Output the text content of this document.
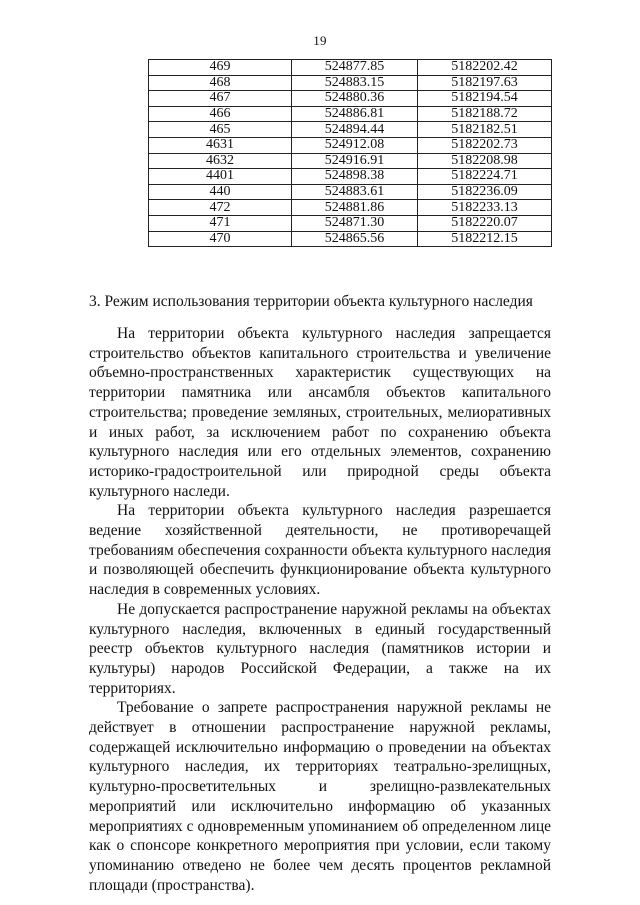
19
469	524877.85	5182202.42
468	524883.15	5182197.63
467	524880.36	5182194.54
466	524886.81	5182188.72
465	524894.44	5182182.51
4631	524912.08	5182202.73
4632	524916.91	5182208.98
4401	524898.38	5182224.71
440	524883.61	5182236.09
472	524881.86	5182233.13
471	524871.30	5182220.07
470	524865.56	5182212.15
3. Режим использования территории объекта культурного наследия

На территории объекта культурного наследия запрещается строительство объектов капитального строительства и увеличение объемно-пространственных характеристик существующих на территории памятника или ансамбля объектов капитального строительства; проведение земляных, строительных, мелиоративных и иных работ, за исключением работ по сохранению объекта культурного наследия или его отдельных элементов, сохранению историко-градостроительной или природной среды объекта культурного наследи.

На территории объекта культурного наследия разрешается ведение хозяйственной деятельности, не противоречащей требованиям обеспечения сохранности объекта культурного наследия и позволяющей обеспечить функционирование объекта культурного наследия в современных условиях.

Не допускается распространение наружной рекламы на объектах культурного наследия, включенных в единый государственный реестр объектов культурного наследия (памятников истории и культуры) народов Российской Федерации, а также на их территориях.

Требование о запрете распространения наружной рекламы не действует в отношении распространение наружной рекламы, содержащей исключительно информацию о проведении на объектах культурного наследия, их территориях театрально-зрелищных, культурно-просветительных и зрелищно-развлекательных мероприятий или исключительно информацию об указанных мероприятиях с одновременным упоминанием об определенном лице как о спонсоре конкретного мероприятия при условии, если такому упоминанию отведено не более чем десять процентов рекламной площади (пространства).
